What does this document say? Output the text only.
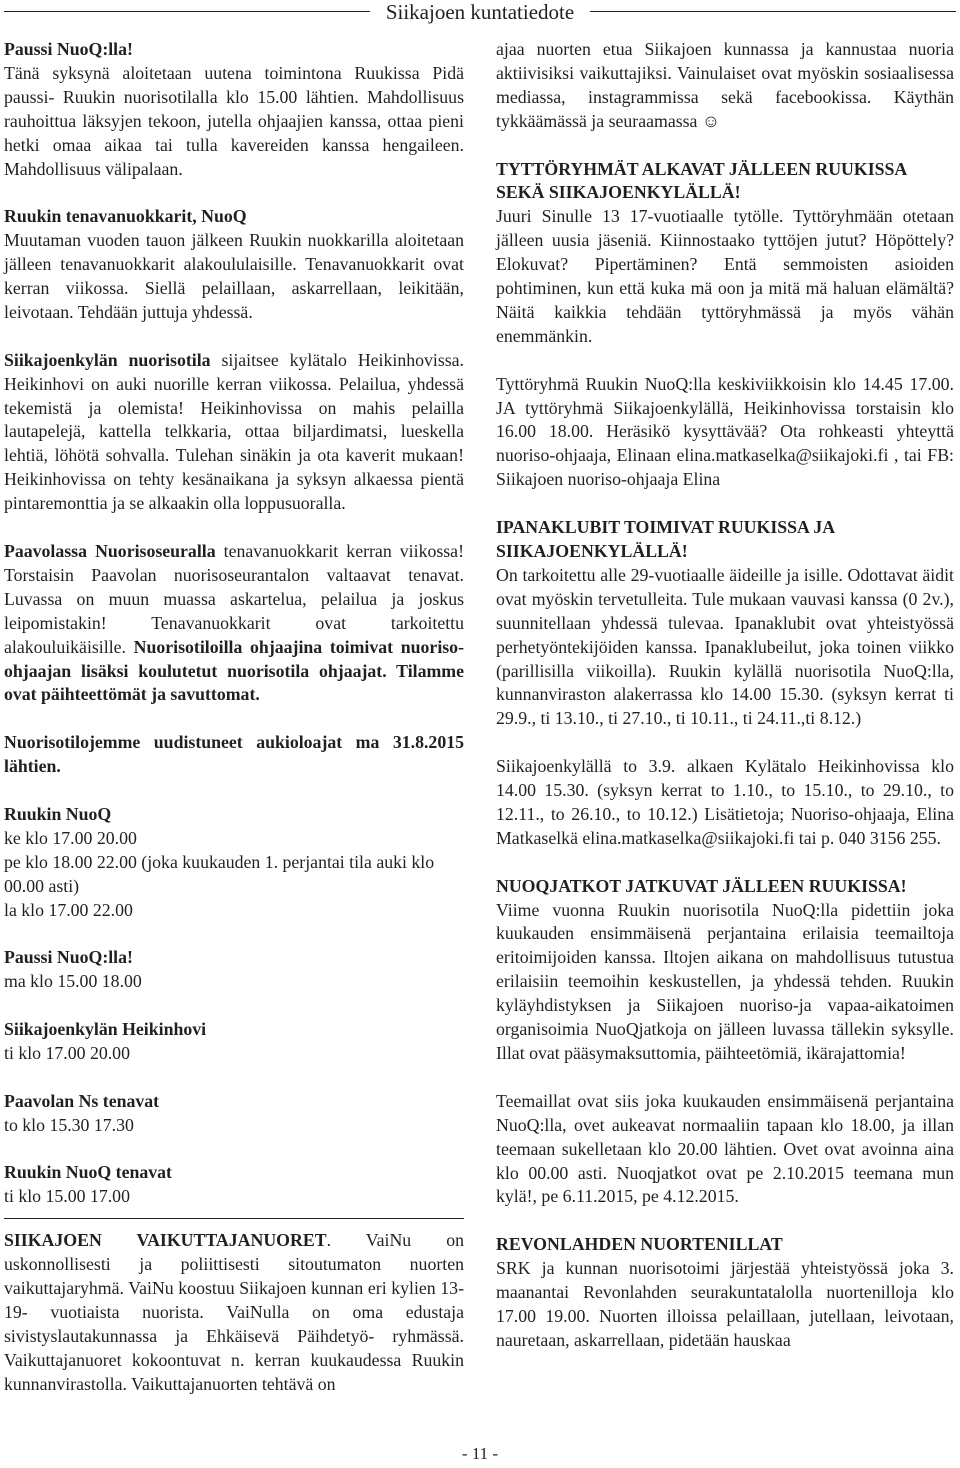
Siikajoen kuntatiedote

Paussi NuoQ:lla!

Tänä syksynä aloitetaan uutena toimintona Ruukissa Pidä paussi- Ruukin nuorisotilalla klo 15.00 lähtien. Mahdollisuus rauhoittua läksyjen tekoon, jutella ohjaajien kanssa, ottaa pieni hetki omaa aikaa tai tulla kavereiden kanssa hengaileen. Mahdollisuus välipalaan.

Ruukin tenavanuokkarit, NuoQ

Muutaman vuoden tauon jälkeen Ruukin nuokkarilla aloitetaan jälleen tenavanuokkarit alakoululaisille. Tenavanuokkarit ovat kerran viikossa. Siellä pelaillaan, askarrellaan, leikitään, leivotaan. Tehdään juttuja yhdessä.

Siikajoenkylän nuorisotila sijaitsee kylätalo Heikinhovissa. Heikinhovi on auki nuorille kerran viikossa. Pelailua, yhdessä tekemistä ja olemista! Heikinhovissa on mahis pelailla lautapelejä, kattella telkkaria, ottaa biljardimatsi, lueskella lehtiä, löhötä sohvalla. Tulehan sinäkin ja ota kaverit mukaan! Heikinhovissa on tehty kesänaikana ja syksyn alkaessa pientä pintaremonttia ja se alkaakin olla loppusuoralla.

Paavolassa Nuorisoseuralla tenavanuokkarit kerran viikossa! Torstaisin Paavolan nuorisoseurantalon valtaavat tenavat. Luvassa on muun muassa askartelua, pelailua ja joskus leipomistakin! Tenavanuokkarit ovat tarkoitettu alakouluikäisille. Nuorisotiloilla ohjaajina toimivat nuoriso-ohjaajan lisäksi koulutetut nuorisotila ohjaajat. Tilamme ovat päihteettömät ja savuttomat.

Nuorisotilojemme uudistuneet aukioloajat ma 31.8.2015 lähtien.

Ruukin NuoQ

ke klo 17.00 20.00

pe klo 18.00 22.00 (joka kuukauden 1. perjantai tila auki klo 00.00 asti)

la klo 17.00 22.00

Paussi NuoQ:lla!

ma klo 15.00 18.00

Siikajoenkylän Heikinhovi

ti klo 17.00 20.00

Paavolan Ns tenavat

to klo 15.30 17.30

Ruukin NuoQ tenavat

ti klo 15.00 17.00

SIIKAJOEN VAIKUTTAJANUORET. VaiNu on uskonnollisesti ja poliittisesti sitoutumaton nuorten vaikuttajaryhmä. VaiNu koostuu Siikajoen kunnan eri kylien 13-19- vuotiaista nuorista. VaiNulla on oma edustaja sivistyslautakunnassa ja Ehkäisevä Päihdetyö- ryhmässä. Vaikuttajanuoret kokoontuvat n. kerran kuukaudessa Ruukin kunnanvirastolla. Vaikuttajanuorten tehtävä on

ajaa nuorten etua Siikajoen kunnassa ja kannustaa nuoria aktiivisiksi vaikuttajiksi. Vainulaiset ovat myöskin sosiaalisessa mediassa, instagrammissa sekä facebookissa. Käythän tykkäämässä ja seuraamassa ☺

TYTTÖRYHMÄT ALKAVAT JÄLLEEN RUUKISSA SEKÄ SIIKAJOENKYLÄLLÄ!

Juuri Sinulle 13 17-vuotiaalle tytölle. Tyttöryhmään otetaan jälleen uusia jäseniä. Kiinnostaako tyttöjen jutut? Höpöttely? Elokuvat? Pipertäminen? Entä semmoisten asioiden pohtiminen, kun että kuka mä oon ja mitä mä haluan elämältä? Näitä kaikkia tehdään tyttöryhmässä ja myös vähän enemmänkin.

Tyttöryhmä Ruukin NuoQ:lla keskiviikkoisin klo 14.45 17.00. JA tyttöryhmä Siikajoenkylällä, Heikinhovissa torstaisin klo 16.00 18.00. Heräsikö kysyttävää? Ota rohkeasti yhteyttä nuoriso-ohjaaja, Elinaan elina.matkaselka@siikajoki.fi , tai FB: Siikajoen nuoriso-ohjaaja Elina

IPANAKLUBIT TOIMIVAT RUUKISSA JA SIIKAJOENKYLÄLLÄ!

On tarkoitettu alle 29-vuotiaalle äideille ja isille. Odottavat äidit ovat myöskin tervetulleita. Tule mukaan vauvasi kanssa (0 2v.), suunnitellaan yhdessä tulevaa. Ipanaklubit ovat yhteistyössä perhetyöntekijöiden kanssa. Ipanaklubeilut, joka toinen viikko (parillisilla viikoilla). Ruukin kylällä nuorisotila NuoQ:lla, kunnanviraston alakerrassa klo 14.00 15.30. (syksyn kerrat ti 29.9., ti 13.10., ti 27.10., ti 10.11., ti 24.11.,ti 8.12.)

Siikajoenkylällä to 3.9. alkaen Kylätalo Heikinhovissa klo 14.00 15.30. (syksyn kerrat to 1.10., to 15.10., to 29.10., to 12.11., to 26.10., to 10.12.) Lisätietoja; Nuoriso-ohjaaja, Elina Matkaselkä elina.matkaselka@siikajoki.fi tai p. 040 3156 255.

NUOQJATKOT JATKUVAT JÄLLEEN RUUKISSA!

Viime vuonna Ruukin nuorisotila NuoQ:lla pidettiin joka kuukauden ensimmäisenä perjantaina erilaisia teemailtoja eritoimijoiden kanssa. Iltojen aikana on mahdollisuus tutustua erilaisiin teemoihin keskustellen, ja yhdessä tehden. Ruukin kyläyhdistyksen ja Siikajoen nuoriso-ja vapaa-aikatoimen organisoimia NuoQjatkoja on jälleen luvassa tällekin syksylle. Illat ovat pääsymaksuttomia, päihteetömiä, ikärajattomia!

Teemaillat ovat siis joka kuukauden ensimmäisenä perjantaina NuoQ:lla, ovet aukeavat normaaliin tapaan klo 18.00, ja illan teemaan sukelletaan klo 20.00 lähtien. Ovet ovat avoinna aina klo 00.00 asti. Nuoqjatkot ovat pe 2.10.2015 teemana mun kylä!, pe 6.11.2015, pe 4.12.2015.

REVONLAHDEN NUORTENILLAT

SRK ja kunnan nuorisotoimi järjestää yhteistyössä joka 3. maanantai Revonlahden seurakuntatalolla nuortenilloja klo 17.00 19.00. Nuorten illoissa pelaillaan, jutellaan, leivotaan, nauretaan, askarrellaan, pidetään hauskaa

- 11 -
